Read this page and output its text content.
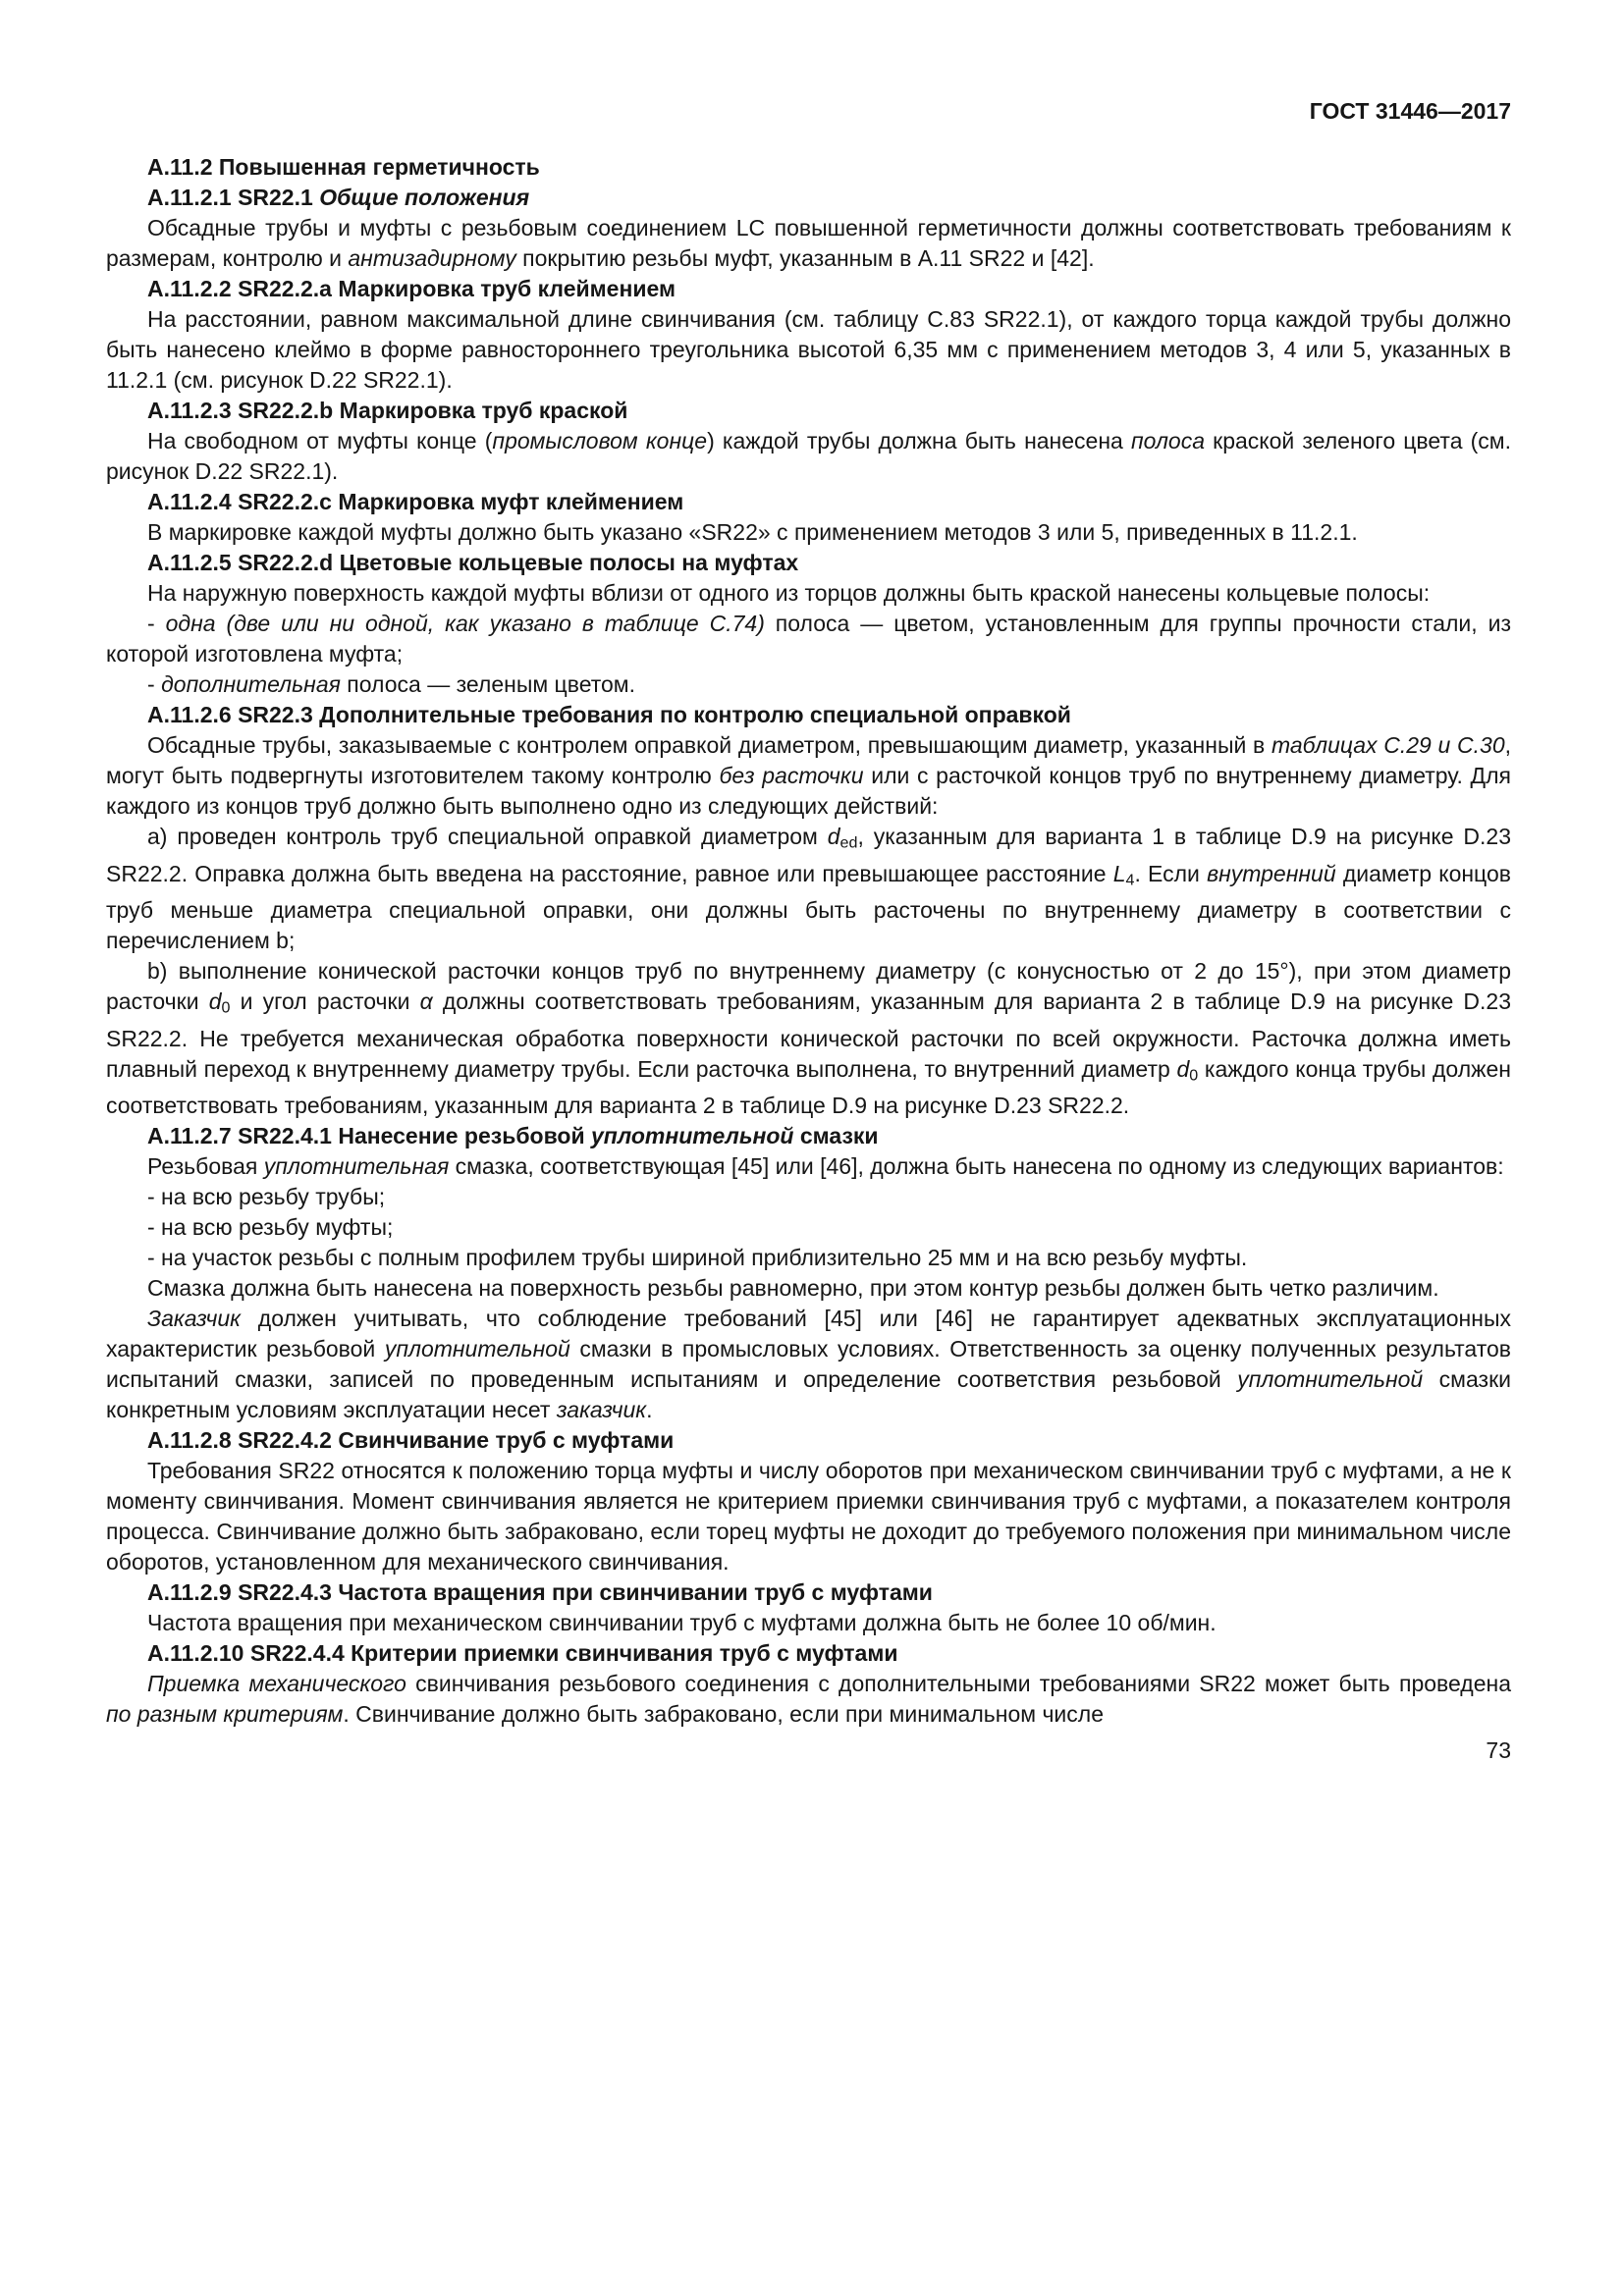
ГОСТ 31446—2017

А.11.2 Повышенная герметичность

А.11.2.1 SR22.1 Общие положения

Обсадные трубы и муфты с резьбовым соединением LC повышенной герметичности должны соответствовать требованиям к размерам, контролю и антизадирному покрытию резьбы муфт, указанным в А.11 SR22 и [42].

А.11.2.2 SR22.2.a Маркировка труб клеймением

На расстоянии, равном максимальной длине свинчивания (см. таблицу С.83 SR22.1), от каждого торца каждой трубы должно быть нанесено клеймо в форме равностороннего треугольника высотой 6,35 мм с применением методов 3, 4 или 5, указанных в 11.2.1 (см. рисунок D.22 SR22.1).

А.11.2.3 SR22.2.b Маркировка труб краской

На свободном от муфты конце (промысловом конце) каждой трубы должна быть нанесена полоса краской зеленого цвета (см. рисунок D.22 SR22.1).

А.11.2.4 SR22.2.c Маркировка муфт клеймением

В маркировке каждой муфты должно быть указано «SR22» с применением методов 3 или 5, приведенных в 11.2.1.

А.11.2.5 SR22.2.d Цветовые кольцевые полосы на муфтах

На наружную поверхность каждой муфты вблизи от одного из торцов должны быть краской нанесены кольцевые полосы:

- одна (две или ни одной, как указано в таблице С.74) полоса — цветом, установленным для группы прочности стали, из которой изготовлена муфта;

- дополнительная полоса — зеленым цветом.

А.11.2.6 SR22.3 Дополнительные требования по контролю специальной оправкой

Обсадные трубы, заказываемые с контролем оправкой диаметром, превышающим диаметр, указанный в таблицах С.29 и С.30, могут быть подвергнуты изготовителем такому контролю без расточки или с расточкой концов труб по внутреннему диаметру. Для каждого из концов труб должно быть выполнено одно из следующих действий:

а) проведен контроль труб специальной оправкой диаметром ded, указанным для варианта 1 в таблице D.9 на рисунке D.23 SR22.2. Оправка должна быть введена на расстояние, равное или превышающее расстояние L4. Если внутренний диаметр концов труб меньше диаметра специальной оправки, они должны быть расточены по внутреннему диаметру в соответствии с перечислением b;

b) выполнение конической расточки концов труб по внутреннему диаметру (с конусностью от 2 до 15°), при этом диаметр расточки d0 и угол расточки α должны соответствовать требованиям, указанным для варианта 2 в таблице D.9 на рисунке D.23 SR22.2. Не требуется механическая обработка поверхности конической расточки по всей окружности. Расточка должна иметь плавный переход к внутреннему диаметру трубы. Если расточка выполнена, то внутренний диаметр d0 каждого конца трубы должен соответствовать требованиям, указанным для варианта 2 в таблице D.9 на рисунке D.23 SR22.2.

А.11.2.7 SR22.4.1 Нанесение резьбовой уплотнительной смазки

Резьбовая уплотнительная смазка, соответствующая [45] или [46], должна быть нанесена по одному из следующих вариантов:

- на всю резьбу трубы;

- на всю резьбу муфты;

- на участок резьбы с полным профилем трубы шириной приблизительно 25 мм и на всю резьбу муфты.

Смазка должна быть нанесена на поверхность резьбы равномерно, при этом контур резьбы должен быть четко различим.

Заказчик должен учитывать, что соблюдение требований [45] или [46] не гарантирует адекватных эксплуатационных характеристик резьбовой уплотнительной смазки в промысловых условиях. Ответственность за оценку полученных результатов испытаний смазки, записей по проведенным испытаниям и определение соответствия резьбовой уплотнительной смазки конкретным условиям эксплуатации несет заказчик.

А.11.2.8 SR22.4.2 Свинчивание труб с муфтами

Требования SR22 относятся к положению торца муфты и числу оборотов при механическом свинчивании труб с муфтами, а не к моменту свинчивания. Момент свинчивания является не критерием приемки свинчивания труб с муфтами, а показателем контроля процесса. Свинчивание должно быть забраковано, если торец муфты не доходит до требуемого положения при минимальном числе оборотов, установленном для механического свинчивания.

А.11.2.9 SR22.4.3 Частота вращения при свинчивании труб с муфтами

Частота вращения при механическом свинчивании труб с муфтами должна быть не более 10 об/мин.

А.11.2.10 SR22.4.4 Критерии приемки свинчивания труб с муфтами

Приемка механического свинчивания резьбового соединения с дополнительными требованиями SR22 может быть проведена по разным критериям. Свинчивание должно быть забраковано, если при минимальном числе

73
